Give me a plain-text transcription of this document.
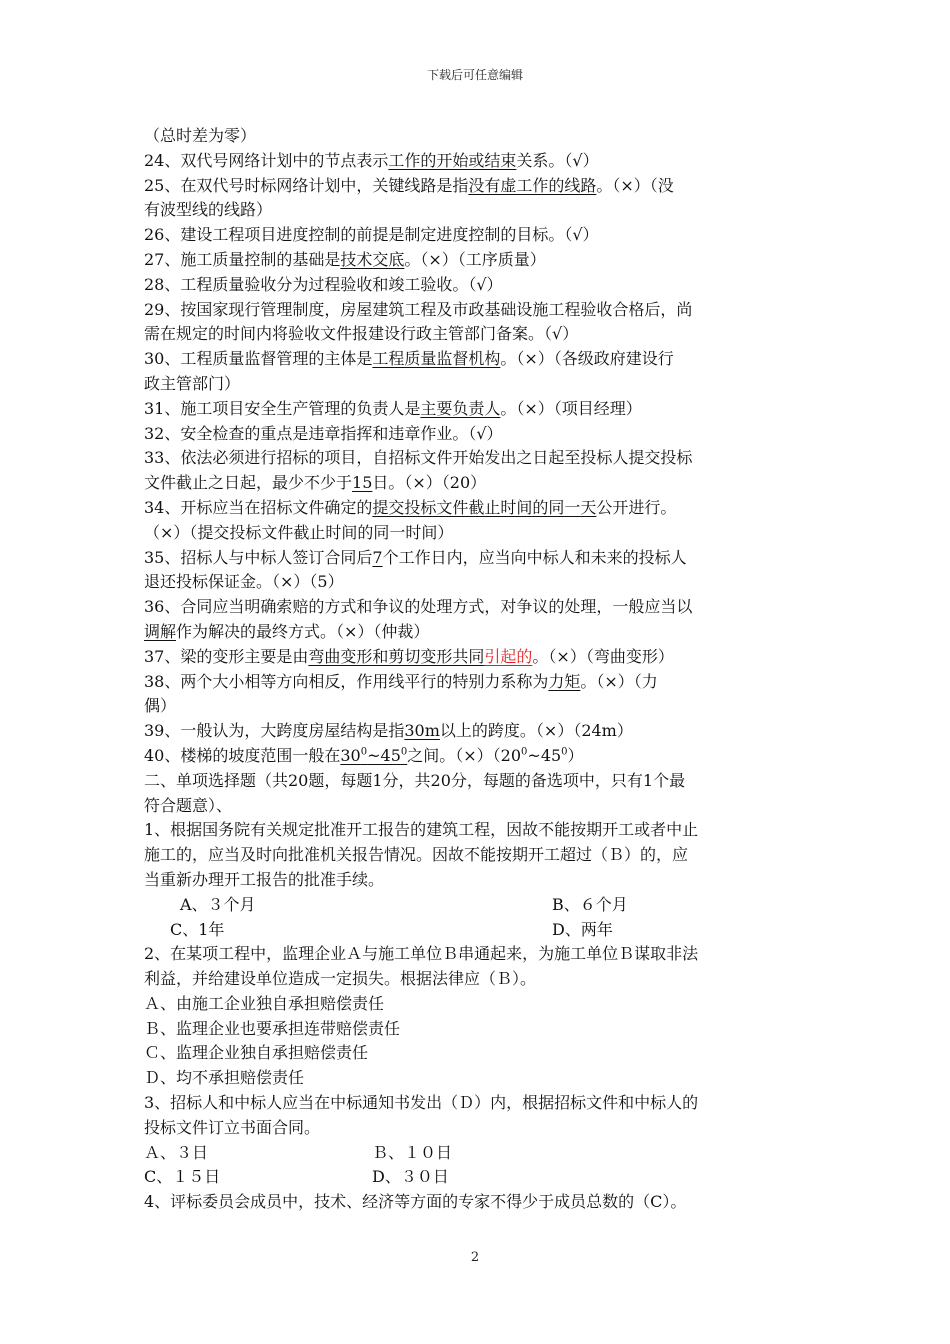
下载后可任意编辑
（总时差为零）
24、双代号网络计划中的节点表示工作的开始或结束关系。（√）
25、在双代号时标网络计划中，关键线路是指没有虚工作的线路。（×）（没
有波型线的线路）
26、建设工程项目进度控制的前提是制定进度控制的目标。（√）
27、施工质量控制的基础是技术交底。（×）（工序质量）
28、工程质量验收分为过程验收和竣工验收。（√）
29、按国家现行管理制度，房屋建筑工程及市政基础设施工程验收合格后，尚
需在规定的时间内将验收文件报建设行政主管部门备案。（√）
30、工程质量监督管理的主体是工程质量监督机构。（×）（各级政府建设行
政主管部门）
31、施工项目安全生产管理的负责人是主要负责人。（×）（项目经理）
32、安全检查的重点是违章指挥和违章作业。（√）
33、依法必须进行招标的项目，自招标文件开始发出之日起至投标人提交投标
文件截止之日起，最少不少于15日。（×）（20）
34、开标应当在招标文件确定的提交投标文件截止时间的同一天公开进行。
（×）（提交投标文件截止时间的同一时间）
35、招标人与中标人签订合同后7个工作日内，应当向中标人和未来的投标人
退还投标保证金。（×）（5）
36、合同应当明确索赔的方式和争议的处理方式，对争议的处理，一般应当以
调解作为解决的最终方式。（×）（仲裁）
37、梁的变形主要是由弯曲变形和剪切变形共同引起的。（×）（弯曲变形）
38、两个大小相等方向相反，作用线平行的特别力系称为力矩。（×）（力
偶）
39、一般认为，大跨度房屋结构是指30m以上的跨度。（×）（24m）
40、楼梯的坡度范围一般在$30^0\sim 45^0$之间。$(\times)(20^0\sim 45^0)$
二、单项选择题（共20题，每题1分，共20分，每题的备选项中，只有1个最
符合题意）、
1、根据国务院有关规定批准开工报告的建筑工程，因故不能按期开工或者中止
施工的，应当及时向批准机关报告情况。因故不能按期开工超过（Ｂ）的，应
当重新办理开工报告的批准手续。
A、３个月	B、６个月
C、1年	D、两年
2、在某项工程中，监理企业Ａ与施工单位Ｂ串通起来，为施工单位Ｂ谋取非法
利益，并给建设单位造成一定损失。根据法律应（Ｂ）。
Ａ、由施工企业独自承担赔偿责任
Ｂ、监理企业也要承担连带赔偿责任
Ｃ、监理企业独自承担赔偿责任
Ｄ、均不承担赔偿责任
3、招标人和中标人应当在中标通知书发出（Ｄ）内，根据招标文件和中标人的
投标文件订立书面合同。
Ａ、３日	Ｂ、１０日
C、１５日	D、３０日
4、评标委员会成员中，技术、经济等方面的专家不得少于成员总数的（C）。
2
